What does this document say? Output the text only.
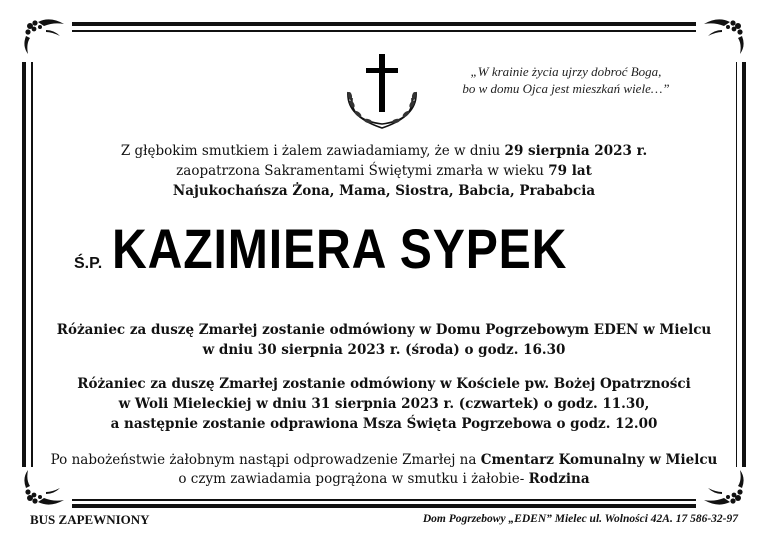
„W krainie życia ujrzy dobroć Boga,
bo w domu Ojca jest mieszkań wiele…”
Z głębokim smutkiem i żalem zawiadamiamy, że w dniu 29 sierpnia 2023 r.
zaopatrzona Sakramentami Świętymi zmarła w wieku 79 lat
Najukochańsza Żona, Mama, Siostra, Babcia, Prababcia
Ś.P. KAZIMIERA SYPEK
Różaniec za duszę Zmarłej zostanie odmówiony w Domu Pogrzebowym EDEN w Mielcu
w dniu 30 sierpnia 2023 r. (środa) o godz. 16.30
Różaniec za duszę Zmarłej zostanie odmówiony w Kościele pw. Bożej Opatrzności
w Woli Mieleckiej w dniu 31 sierpnia 2023 r. (czwartek) o godz. 11.30,
a następnie zostanie odprawiona Msza Święta Pogrzebowa o godz. 12.00
Po nabożeństwie żałobnym nastąpi odprowadzenie Zmarłej na Cmentarz Komunalny w Mielcu
o czym zawiadamia pogrążona w smutku i żałobie- Rodzina
BUS ZAPEWNIONY	Dom Pogrzebowy „EDEN” Mielec ul. Wolności 42A. 17 586-32-97
